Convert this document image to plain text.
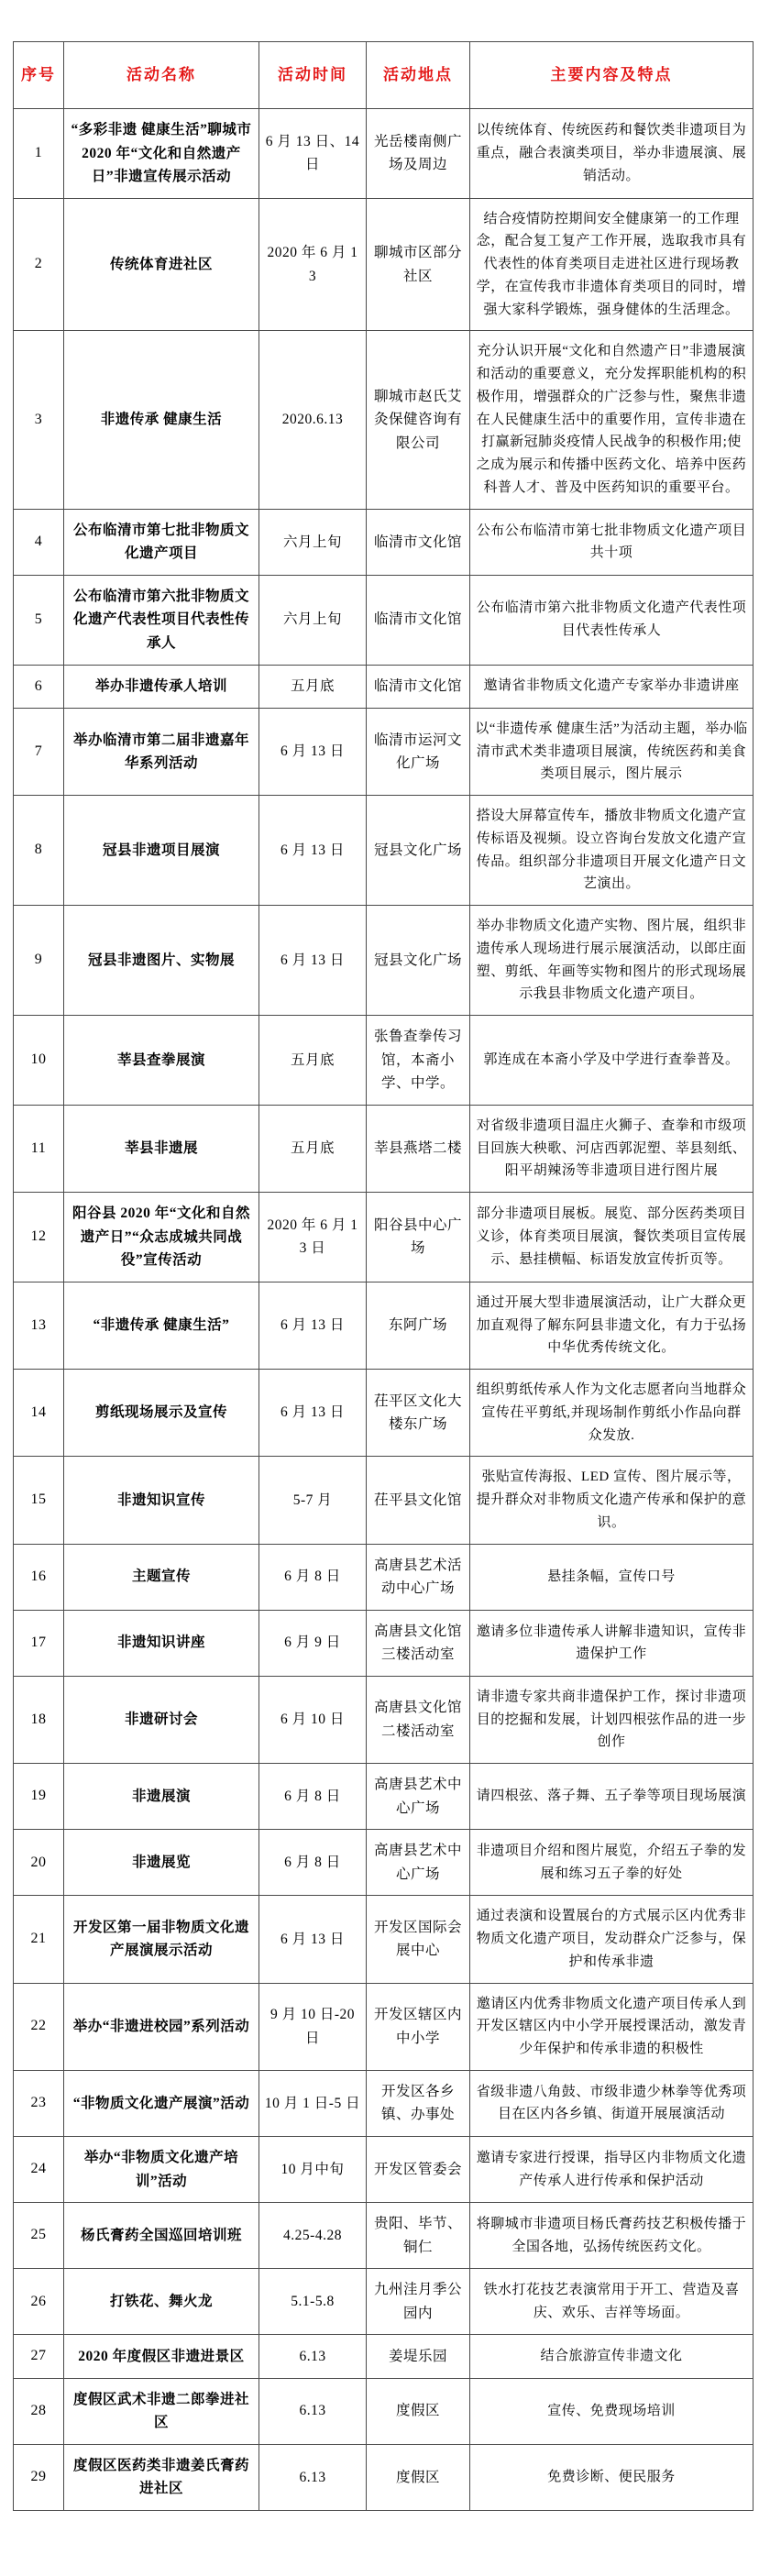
序号	活动名称	活动时间	活动地点	主要内容及特点
1	“多彩非遗 健康生活”聊城市 2020 年“文化和自然遗产日”非遗宣传展示活动	6 月 13 日、14 日	光岳楼南侧广场及周边	以传统体育、传统医药和餐饮类非遗项目为重点，融合表演类项目，举办非遗展演、展销活动。
2	传统体育进社区	2020 年 6 月 13	聊城市区部分社区	结合疫情防控期间安全健康第一的工作理念，配合复工复产工作开展，选取我市具有代表性的体育类项目走进社区进行现场教学，在宣传我市非遗体育类项目的同时，增强大家科学锻炼，强身健体的生活理念。
3	非遗传承 健康生活	2020.6.13	聊城市赵氏艾灸保健咨询有限公司	充分认识开展“文化和自然遗产日”非遗展演和活动的重要意义，充分发挥职能机构的积极作用，增强群众的广泛参与性，聚焦非遗在人民健康生活中的重要作用，宣传非遗在打赢新冠肺炎疫情人民战争的积极作用;使之成为展示和传播中医药文化、培养中医药科普人才、普及中医药知识的重要平台。
4	公布临清市第七批非物质文化遗产项目	六月上旬	临清市文化馆	公布公布临清市第七批非物质文化遗产项目共十项
5	公布临清市第六批非物质文化遗产代表性项目代表性传承人	六月上旬	临清市文化馆	公布临清市第六批非物质文化遗产代表性项目代表性传承人
6	举办非遗传承人培训	五月底	临清市文化馆	邀请省非物质文化遗产专家举办非遗讲座
7	举办临清市第二届非遗嘉年华系列活动	6 月 13 日	临清市运河文化广场	以“非遗传承 健康生活”为活动主题，举办临清市武术类非遗项目展演，传统医药和美食类项目展示，图片展示
8	冠县非遗项目展演	6 月 13 日	冠县文化广场	搭设大屏幕宣传车，播放非物质文化遗产宣传标语及视频。设立咨询台发放文化遗产宣传品。组织部分非遗项目开展文化遗产日文艺演出。
9	冠县非遗图片、实物展	6 月 13 日	冠县文化广场	举办非物质文化遗产实物、图片展，组织非遗传承人现场进行展示展演活动，以郎庄面塑、剪纸、年画等实物和图片的形式现场展示我县非物质文化遗产项目。
10	莘县查拳展演	五月底	张鲁查拳传习馆，本斋小学、中学。	郭连成在本斋小学及中学进行查拳普及。
11	莘县非遗展	五月底	莘县燕塔二楼	对省级非遗项目温庄火狮子、查拳和市级项目回族大秧歌、河店西郭泥塑、莘县刻纸、阳平胡辣汤等非遗项目进行图片展
12	阳谷县 2020 年“文化和自然遗产日”“众志成城共同战役”宣传活动	2020 年 6 月 13 日	阳谷县中心广场	部分非遗项目展板。展览、部分医药类项目义诊，体育类项目展演，餐饮类项目宣传展示、悬挂横幅、标语发放宣传折页等。
13	“非遗传承 健康生活”	6 月 13 日	东阿广场	通过开展大型非遗展演活动，让广大群众更加直观得了解东阿县非遗文化，有力于弘扬中华优秀传统文化。
14	剪纸现场展示及宣传	6 月 13 日	茌平区文化大楼东广场	组织剪纸传承人作为文化志愿者向当地群众宣传茌平剪纸,并现场制作剪纸小作品向群众发放.
15	非遗知识宣传	5-7 月	茌平县文化馆	张贴宣传海报、LED 宣传、图片展示等，提升群众对非物质文化遗产传承和保护的意识。
16	主题宣传	6 月 8 日	高唐县艺术活动中心广场	悬挂条幅，宣传口号
17	非遗知识讲座	6 月 9 日	高唐县文化馆三楼活动室	邀请多位非遗传承人讲解非遗知识，宣传非遗保护工作
18	非遗研讨会	6 月 10 日	高唐县文化馆二楼活动室	请非遗专家共商非遗保护工作，探讨非遗项目的挖掘和发展，计划四根弦作品的进一步创作
19	非遗展演	6 月 8 日	高唐县艺术中心广场	请四根弦、落子舞、五子拳等项目现场展演
20	非遗展览	6 月 8 日	高唐县艺术中心广场	非遗项目介绍和图片展览，介绍五子拳的发展和练习五子拳的好处
21	开发区第一届非物质文化遗产展演展示活动	6 月 13 日	开发区国际会展中心	通过表演和设置展台的方式展示区内优秀非物质文化遗产项目，发动群众广泛参与，保护和传承非遗
22	举办“非遗进校园”系列活动	9 月 10 日-20 日	开发区辖区内中小学	邀请区内优秀非物质文化遗产项目传承人到开发区辖区内中小学开展授课活动，激发青少年保护和传承非遗的积极性
23	“非物质文化遗产展演”活动	10 月 1 日-5 日	开发区各乡镇、办事处	省级非遗八角鼓、市级非遗少林拳等优秀项目在区内各乡镇、街道开展展演活动
24	举办“非物质文化遗产培训”活动	10 月中旬	开发区管委会	邀请专家进行授课，指导区内非物质文化遗产传承人进行传承和保护活动
25	杨氏膏药全国巡回培训班	4.25-4.28	贵阳、毕节、铜仁	将聊城市非遗项目杨氏膏药技艺积极传播于全国各地，弘扬传统医药文化。
26	打铁花、舞火龙	5.1-5.8	九州洼月季公园内	铁水打花技艺表演常用于开工、营造及喜庆、欢乐、吉祥等场面。
27	2020 年度假区非遗进景区	6.13	姜堤乐园	结合旅游宣传非遗文化
28	度假区武术非遗二郎拳进社区	6.13	度假区	宣传、免费现场培训
29	度假区医药类非遗姜氏膏药进社区	6.13	度假区	免费诊断、便民服务
